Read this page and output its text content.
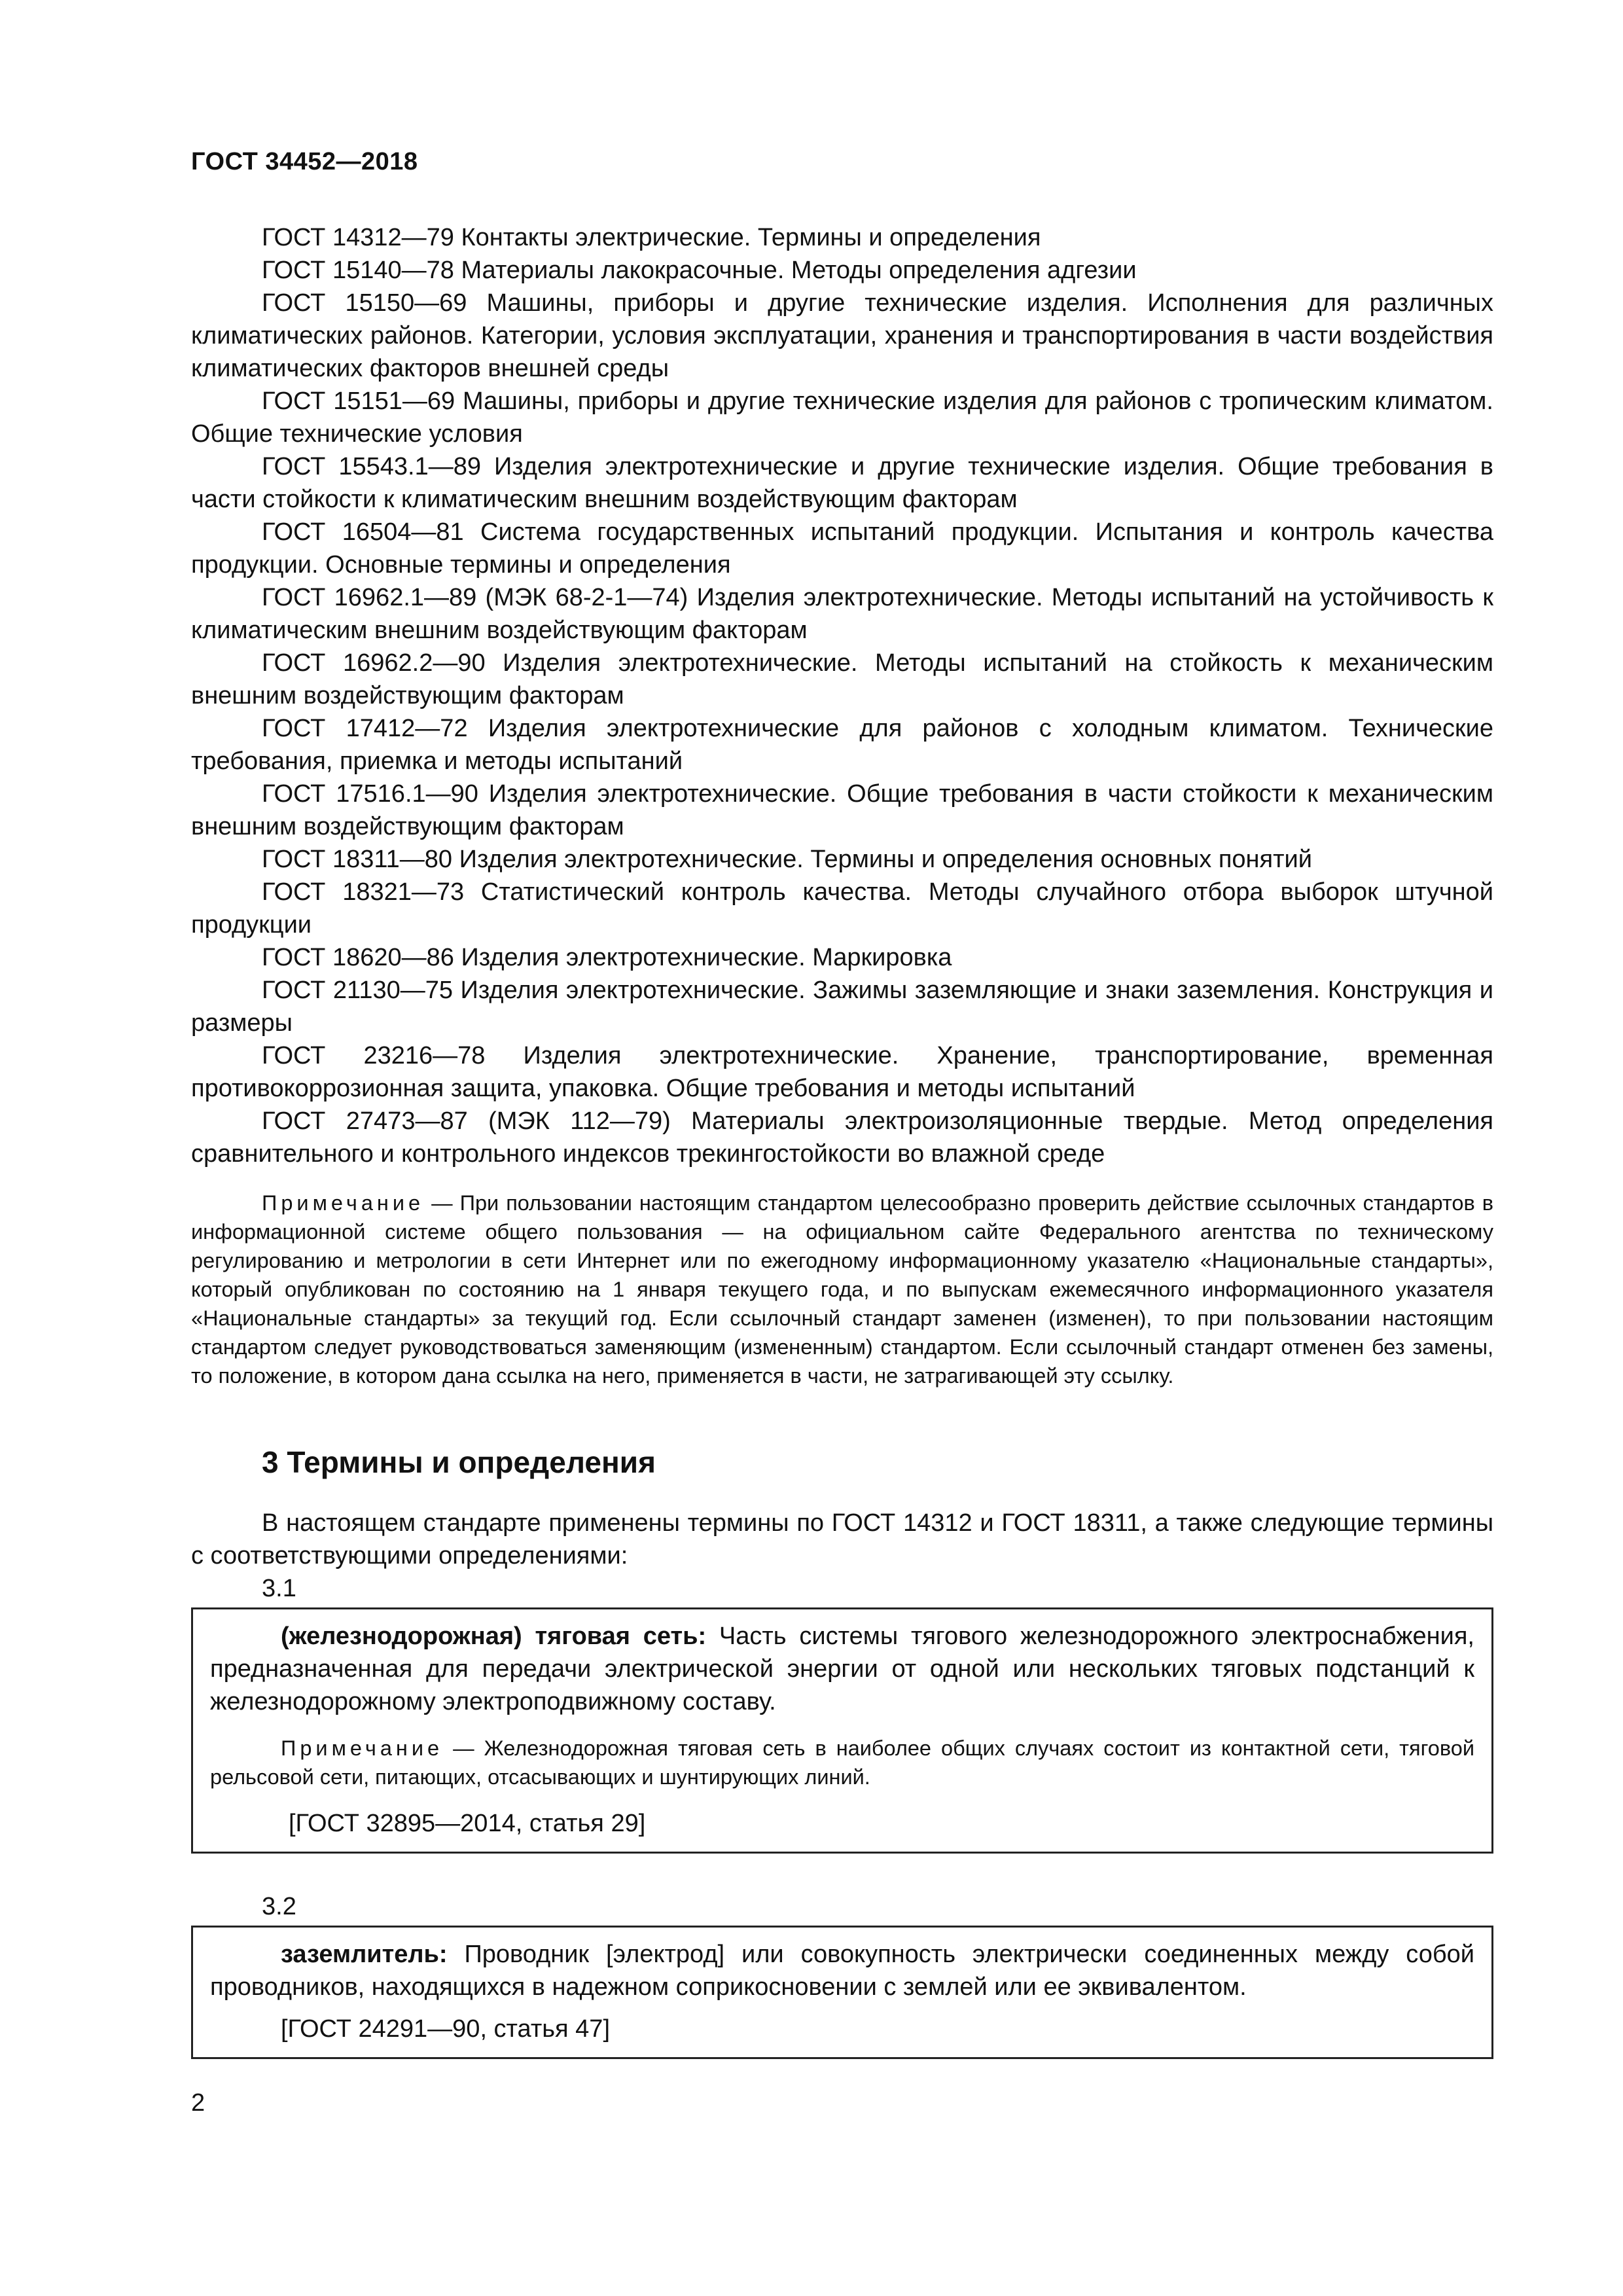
ГОСТ 34452—2018

ГОСТ 14312—79 Контакты электрические. Термины и определения

ГОСТ 15140—78 Материалы лакокрасочные. Методы определения адгезии

ГОСТ 15150—69 Машины, приборы и другие технические изделия. Исполнения для различных климатических районов. Категории, условия эксплуатации, хранения и транспортирования в части воздействия климатических факторов внешней среды

ГОСТ 15151—69 Машины, приборы и другие технические изделия для районов с тропическим климатом. Общие технические условия

ГОСТ 15543.1—89 Изделия электротехнические и другие технические изделия. Общие требования в части стойкости к климатическим внешним воздействующим факторам

ГОСТ 16504—81 Система государственных испытаний продукции. Испытания и контроль качества продукции. Основные термины и определения

ГОСТ 16962.1—89 (МЭК 68-2-1—74) Изделия электротехнические. Методы испытаний на устойчивость к климатическим внешним воздействующим факторам

ГОСТ 16962.2—90 Изделия электротехнические. Методы испытаний на стойкость к механическим внешним воздействующим факторам

ГОСТ 17412—72 Изделия электротехнические для районов с холодным климатом. Технические требования, приемка и методы испытаний

ГОСТ 17516.1—90 Изделия электротехнические. Общие требования в части стойкости к механическим внешним воздействующим факторам

ГОСТ 18311—80 Изделия электротехнические. Термины и определения основных понятий

ГОСТ 18321—73 Статистический контроль качества. Методы случайного отбора выборок штучной продукции

ГОСТ 18620—86 Изделия электротехнические. Маркировка

ГОСТ 21130—75 Изделия электротехнические. Зажимы заземляющие и знаки заземления. Конструкция и размеры

ГОСТ 23216—78 Изделия электротехнические. Хранение, транспортирование, временная противокоррозионная защита, упаковка. Общие требования и методы испытаний

ГОСТ 27473—87 (МЭК 112—79) Материалы электроизоляционные твердые. Метод определения сравнительного и контрольного индексов трекингостойкости во влажной среде

Примечание — При пользовании настоящим стандартом целесообразно проверить действие ссылочных стандартов в информационной системе общего пользования — на официальном сайте Федерального агентства по техническому регулированию и метрологии в сети Интернет или по ежегодному информационному указателю «Национальные стандарты», который опубликован по состоянию на 1 января текущего года, и по выпускам ежемесячного информационного указателя «Национальные стандарты» за текущий год. Если ссылочный стандарт заменен (изменен), то при пользовании настоящим стандартом следует руководствоваться заменяющим (измененным) стандартом. Если ссылочный стандарт отменен без замены, то положение, в котором дана ссылка на него, применяется в части, не затрагивающей эту ссылку.

3 Термины и определения

В настоящем стандарте применены термины по ГОСТ 14312 и ГОСТ 18311, а также следующие термины с соответствующими определениями:

3.1

(железнодорожная) тяговая сеть: Часть системы тягового железнодорожного электроснабжения, предназначенная для передачи электрической энергии от одной или нескольких тяговых подстанций к железнодорожному электроподвижному составу.

Примечание — Железнодорожная тяговая сеть в наиболее общих случаях состоит из контактной сети, тяговой рельсовой сети, питающих, отсасывающих и шунтирующих линий.

[ГОСТ 32895—2014, статья 29]
3.2

заземлитель: Проводник [электрод] или совокупность электрически соединенных между собой проводников, находящихся в надежном соприкосновении с землей или ее эквивалентом.

[ГОСТ 24291—90, статья 47]
2
